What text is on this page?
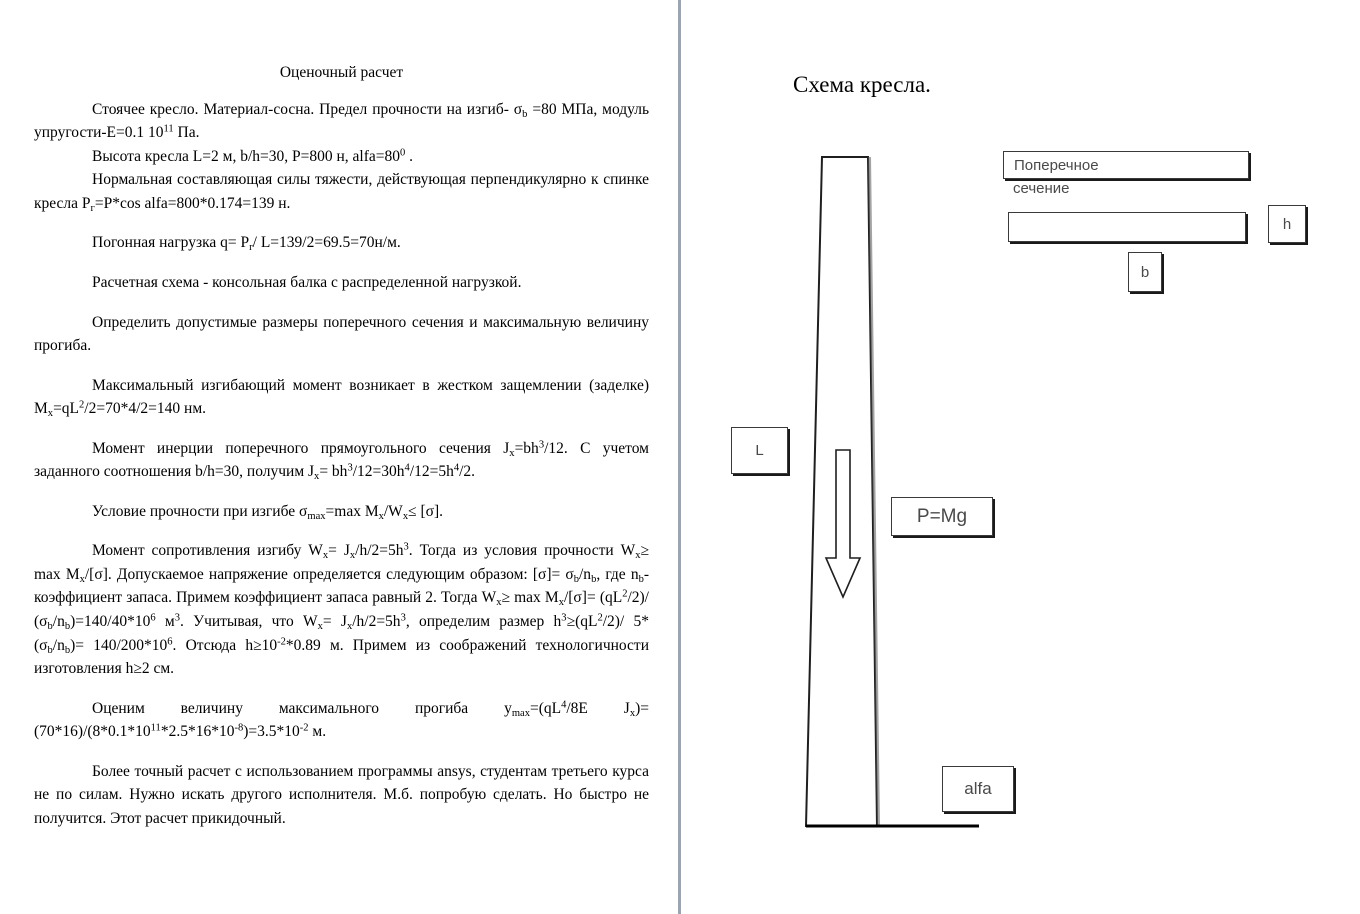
Оценочный расчет

Стоячее кресло. Материал-сосна. Предел прочности на изгиб- $\sigma_b =80$ МПа, модуль упругости-E=0.1 $10^{11}$ Па.

Высота кресла L=2 м, b/h=30, P=800 н, $alfa=80^0$ .

Нормальная составляющая силы тяжести, действующая перпендикулярно к спинке кресла $P_г=P*\cos$ alfa=800*0.174=139 н.

Погонная нагрузка $q= P_r/$ L=139/2=69.5=70н/м.

Расчетная схема - консольная балка с распределенной нагрузкой.

Определить допустимые размеры поперечного сечения и максимальную величину прогиба.

Максимальный изгибающий момент возникает в жестком защемлении (заделке) $M_x=qL^2/2=70*4/2=140$ нм.

Момент инерции поперечного прямоугольного сечения $J_x=bh^3/12$. С учетом заданного соотношения b/h=30, получим $J_x= bh^3/12=30h^4/12=5h^4/2$.

Условие прочности при изгибе $\sigma_{max}=\max$ $M_x/W_x\le [\sigma]$.

Момент сопротивления изгибу $W_x= J_x/h/2=5h^3$. Тогда из условия прочности $W_x\ge \max M_x/[\sigma]$. Допускаемое напряжение определяется следующим образом: $[\sigma]= \sigma_b/n_b$, где $n_b$-коэффициент запаса. Примем коэффициент запаса равный 2. Тогда $W_x\ge \max M_x/[\sigma]= (qL^2/2)/$ $(\sigma_b/n_b)=140/40*10^6$ $м^3$. Учитывая, что $W_x= J_x/h/2=5h^3$, определим размер $h^3\ge(qL^2/2)/$ $5*(\sigma_b/n_b)= 140/200*10^6$. Отсюда $h\ge 10^{-2}*0.89$ м. Примем из соображений технологичности изготовления h≥2 см.

Оценим величину максимального прогиба $y_{max}=(qL^4/8E$ $J_x)=(70*16)/(8*0.1*10^{11}*2.5*16*10^{-8})=3.5*10^{-2}$ м.

Более точный расчет с использованием программы ansys, студентам третьего курса не по силам. Нужно искать другого исполнителя. М.б. попробую сделать. Но быстро не получится. Этот расчет прикидочный.

Схема кресла.
Поперечное
сечение
h
b
L
P=Mg
alfa
